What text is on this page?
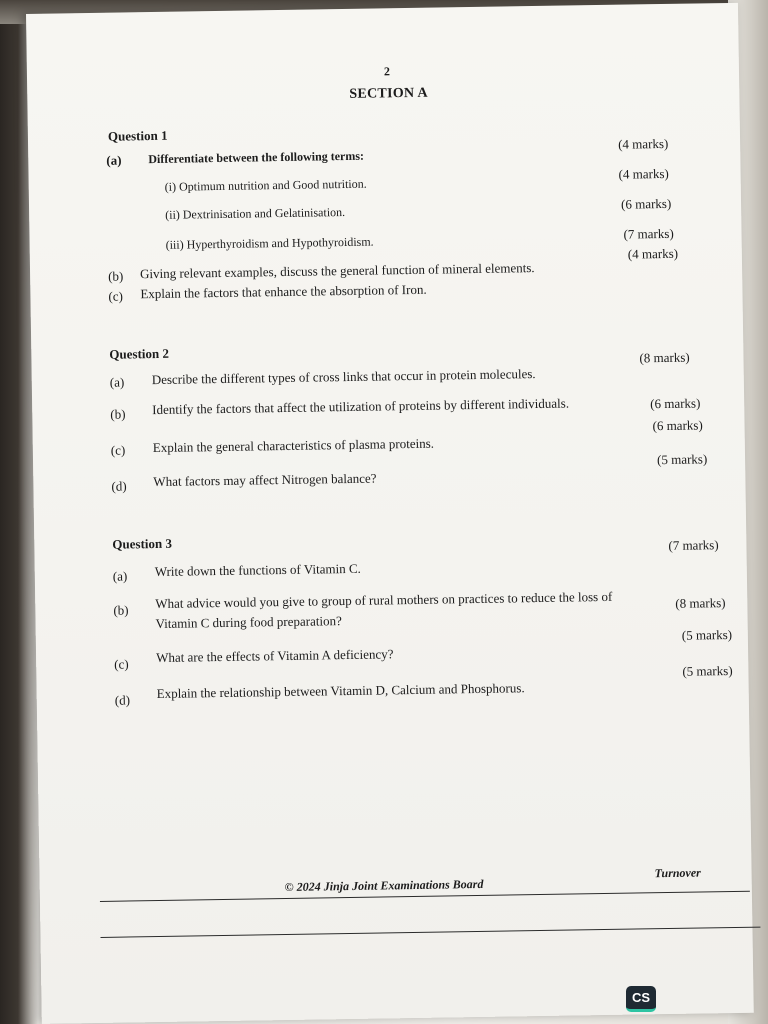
2
SECTION A
Question 1
(a) Differentiate between the following terms:
(4 marks)
(i) Optimum nutrition and Good nutrition.
(4 marks)
(ii) Dextrinisation and Gelatinisation.
(6 marks)
(iii) Hyperthyroidism and Hypothyroidism.
(7 marks)
(b) Giving relevant examples, discuss the general function of mineral elements.
(4 marks)
(c) Explain the factors that enhance the absorption of Iron.
Question 2
(a) Describe the different types of cross links that occur in protein molecules.
(8 marks)
(b) Identify the factors that affect the utilization of proteins by different individuals.	(6 marks)
(c) Explain the general characteristics of plasma proteins.
(6 marks)
(d) What factors may affect Nitrogen balance?
(5 marks)
Question 3
(a) Write down the functions of Vitamin C.
(7 marks)
(b) What advice would you give to group of rural mothers on practices to reduce the loss of
Vitamin C during food preparation?
(8 marks)
(c) What are the effects of Vitamin A deficiency?
(5 marks)
(d) Explain the relationship between Vitamin D, Calcium and Phosphorus.
(5 marks)
© 2024 Jinja Joint Examinations Board
Turnover
CS
